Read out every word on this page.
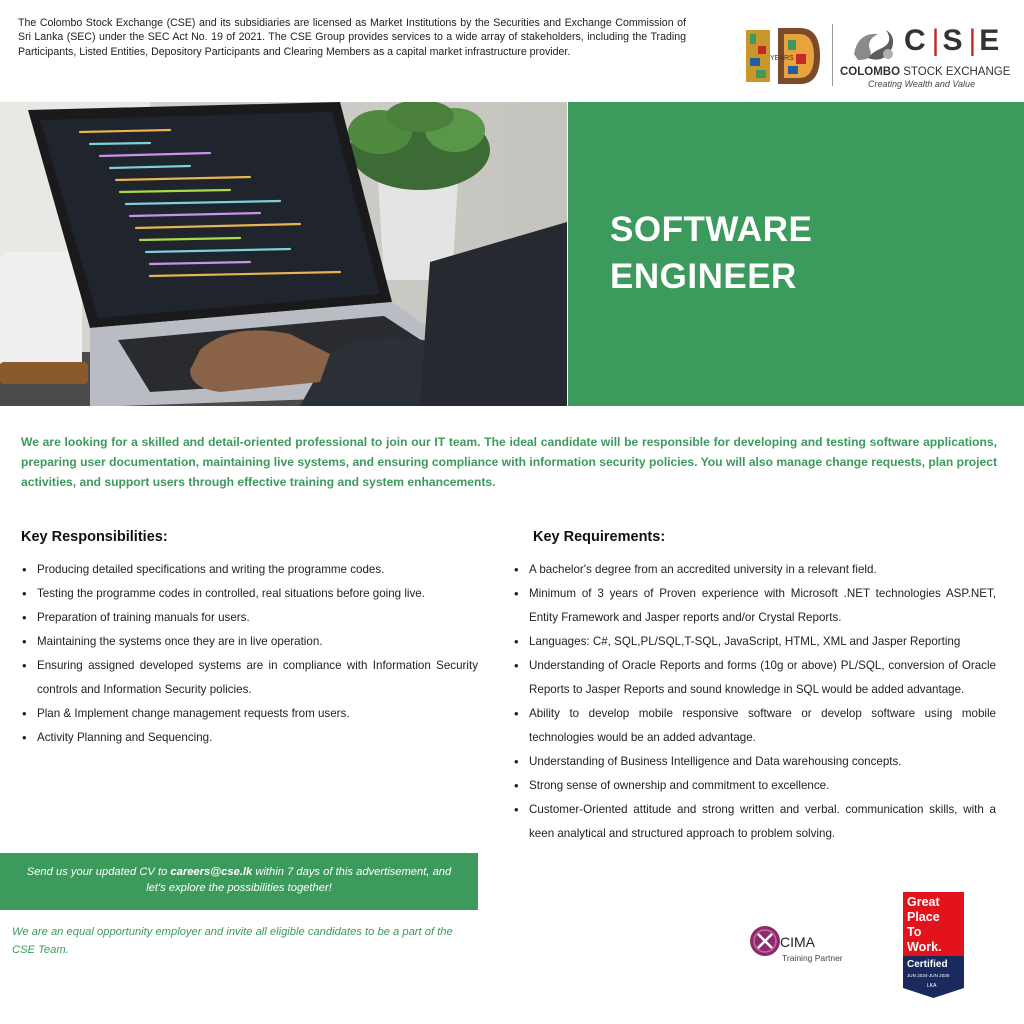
The Colombo Stock Exchange (CSE) and its subsidiaries are licensed as Market Institutions by the Securities and Exchange Commission of Sri Lanka (SEC) under the SEC Act No. 19 of 2021. The CSE Group provides services to a wide array of stakeholders, including the Trading Participants, Listed Entities, Depository Participants and Clearing Members as a capital market infrastructure provider.

YEARS
C | S | E
COLOMBO STOCK EXCHANGE
Creating Wealth and Value
SOFTWARE
ENGINEER

We are looking for a skilled and detail-oriented professional to join our IT team. The ideal candidate will be responsible for developing and testing software applications, preparing user documentation, maintaining live systems, and ensuring compliance with information security policies. You will also manage change requests, plan project activities, and support users through effective training and system enhancements.

Key Responsibilities:
• Producing detailed specifications and writing the programme codes.
• Testing the programme codes in controlled, real situations before going live.
• Preparation of training manuals for users.
• Maintaining the systems once they are in live operation.
• Ensuring assigned developed systems are in compliance with Information Security controls and Information Security policies.
• Plan & Implement change management requests from users.
• Activity Planning and Sequencing.
Key Requirements:
• A bachelor's degree from an accredited university in a relevant field.
• Minimum of 3 years of Proven experience with Microsoft .NET technologies ASP.NET, Entity Framework and Jasper reports and/or Crystal Reports.
• Languages: C#, SQL,PL/SQL,T-SQL, JavaScript, HTML, XML and Jasper Reporting
• Understanding of Oracle Reports and forms (10g or above) PL/SQL, conversion of Oracle Reports to Jasper Reports and sound knowledge in SQL would be added advantage.
• Ability to develop mobile responsive software or develop software using mobile technologies would be an added advantage.
• Understanding of Business Intelligence and Data warehousing concepts.
• Strong sense of ownership and commitment to excellence.
• Customer-Oriented attitude and strong written and verbal. communication skills, with a keen analytical and structured approach to problem solving.
Send us your updated CV to careers@cse.lk within 7 days of this advertisement, and
let's explore the possibilities together!

We are an equal opportunity employer and invite all eligible candidates to be a part of the CSE Team.	CIMA
Training Partner
Great
Place
To
Work.
Certified
JUN 2024-JUN 2025
LKA
